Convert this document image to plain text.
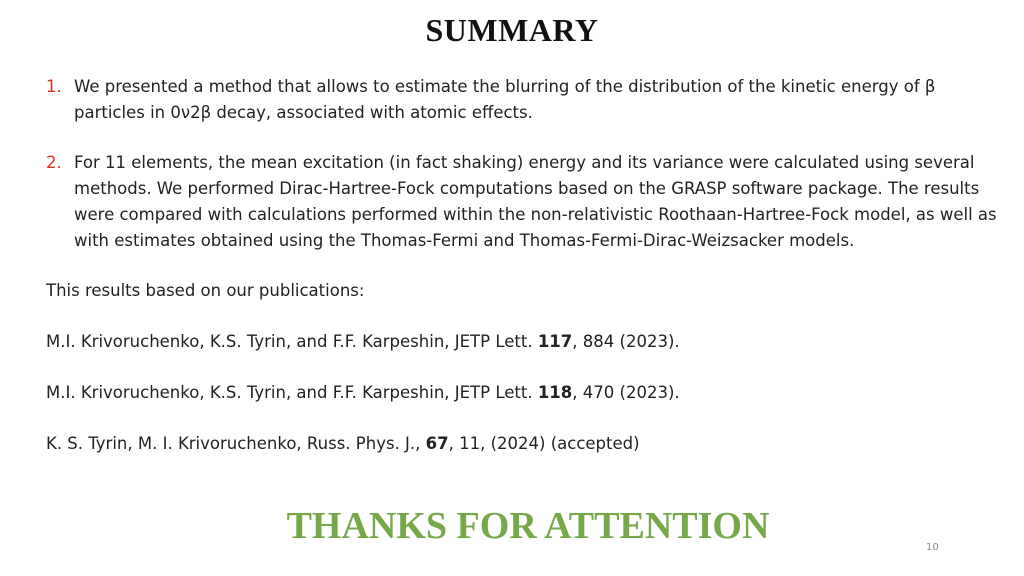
SUMMARY
1. We presented a method that allows to estimate the blurring of the distribution of the kinetic energy of β particles in 0ν2β decay, associated with atomic effects.
2. For 11 elements, the mean excitation (in fact shaking) energy and its variance were calculated using several methods. We performed Dirac-Hartree-Fock computations based on the GRASP software package. The results were compared with calculations performed within the non-relativistic Roothaan-Hartree-Fock model, as well as with estimates obtained using the Thomas-Fermi and Thomas-Fermi-Dirac-Weizsacker models.
This results based on our publications:
M.I. Krivoruchenko, K.S. Tyrin, and F.F. Karpeshin, JETP Lett. 117, 884 (2023).
M.I. Krivoruchenko, K.S. Tyrin, and F.F. Karpeshin, JETP Lett. 118, 470 (2023).
K. S. Tyrin, M. I. Krivoruchenko, Russ. Phys. J., 67, 11, (2024) (accepted)
THANKS FOR ATTENTION
10
